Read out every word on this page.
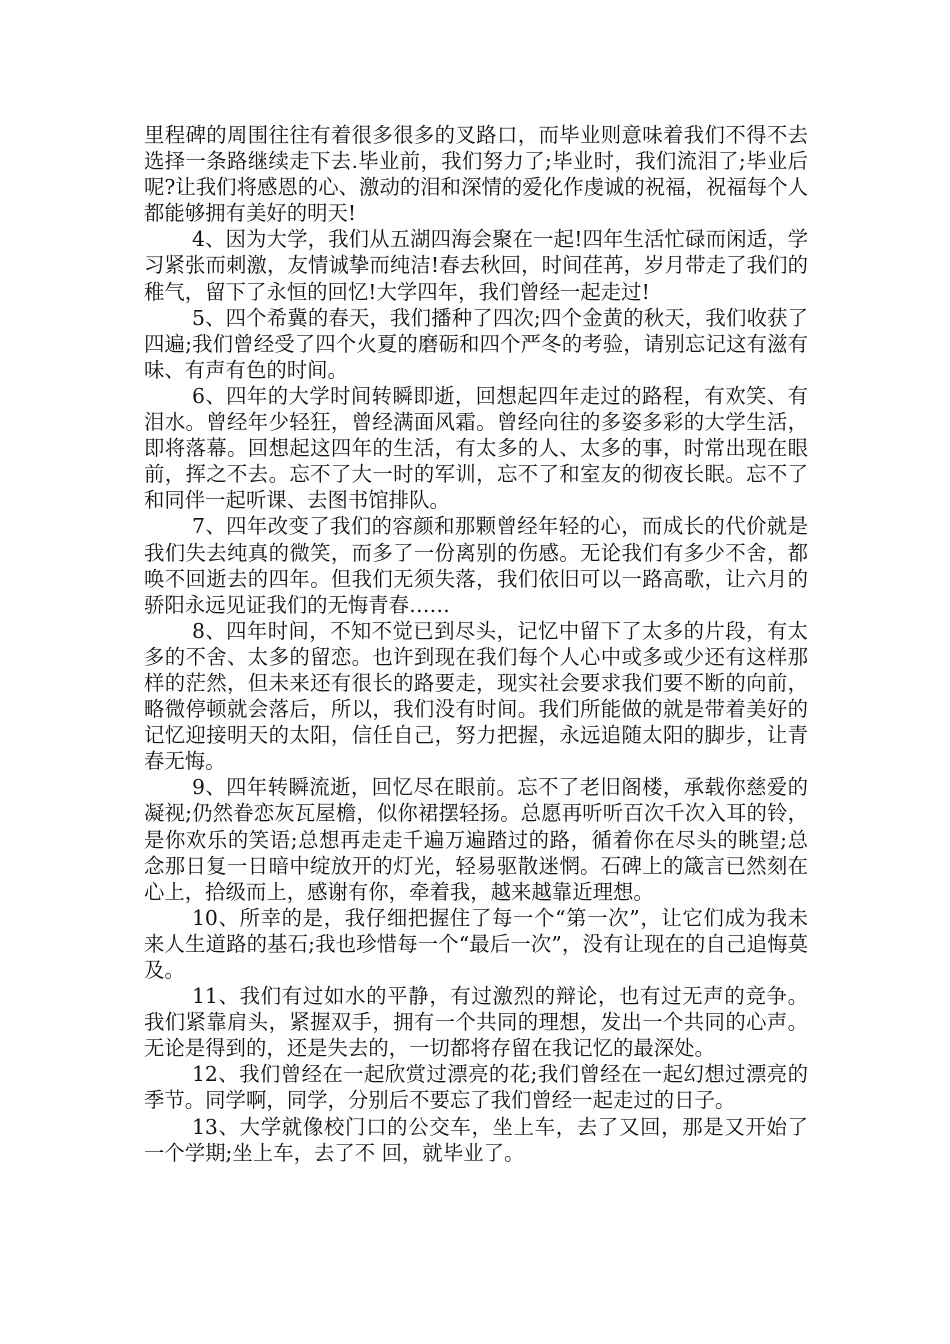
里程碑的周围往往有着很多很多的叉路口，而毕业则意味着我们不得不去选择一条路继续走下去.毕业前，我们努力了;毕业时，我们流泪了;毕业后呢?让我们将感恩的心、激动的泪和深情的爱化作虔诚的祝福，祝福每个人都能够拥有美好的明天!

4、因为大学，我们从五湖四海会聚在一起!四年生活忙碌而闲适，学习紧张而刺激，友情诚挚而纯洁!春去秋回，时间荏苒，岁月带走了我们的稚气，留下了永恒的回忆!大学四年，我们曾经一起走过!

5、四个希冀的春天，我们播种了四次;四个金黄的秋天，我们收获了四遍;我们曾经受了四个火夏的磨砺和四个严冬的考验，请别忘记这有滋有味、有声有色的时间。

6、四年的大学时间转瞬即逝，回想起四年走过的路程，有欢笑、有泪水。曾经年少轻狂，曾经满面风霜。曾经向往的多姿多彩的大学生活，即将落幕。回想起这四年的生活，有太多的人、太多的事，时常出现在眼前，挥之不去。忘不了大一时的军训，忘不了和室友的彻夜长眠。忘不了和同伴一起听课、去图书馆排队。

7、四年改变了我们的容颜和那颗曾经年轻的心，而成长的代价就是我们失去纯真的微笑，而多了一份离别的伤感。无论我们有多少不舍，都唤不回逝去的四年。但我们无须失落，我们依旧可以一路高歌，让六月的骄阳永远见证我们的无悔青春……

8、四年时间，不知不觉已到尽头，记忆中留下了太多的片段，有太多的不舍、太多的留恋。也许到现在我们每个人心中或多或少还有这样那样的茫然，但未来还有很长的路要走，现实社会要求我们要不断的向前，略微停顿就会落后，所以，我们没有时间。我们所能做的就是带着美好的记忆迎接明天的太阳，信任自己，努力把握，永远追随太阳的脚步，让青春无悔。

9、四年转瞬流逝，回忆尽在眼前。忘不了老旧阁楼，承载你慈爱的凝视;仍然眷恋灰瓦屋檐，似你裙摆轻扬。总愿再听听百次千次入耳的铃，是你欢乐的笑语;总想再走走千遍万遍踏过的路，循着你在尽头的眺望;总念那日复一日暗中绽放开的灯光，轻易驱散迷惘。石碑上的箴言已然刻在心上，拾级而上，感谢有你，牵着我，越来越靠近理想。

10、所幸的是，我仔细把握住了每一个“第一次”，让它们成为我未来人生道路的基石;我也珍惜每一个“最后一次”，没有让现在的自己追悔莫及。

11、我们有过如水的平静，有过激烈的辩论，也有过无声的竞争。我们紧靠肩头，紧握双手，拥有一个共同的理想，发出一个共同的心声。无论是得到的，还是失去的，一切都将存留在我记忆的最深处。

12、我们曾经在一起欣赏过漂亮的花;我们曾经在一起幻想过漂亮的季节。同学啊，同学，分别后不要忘了我们曾经一起走过的日子。

13、大学就像校门口的公交车，坐上车，去了又回，那是又开始了一个学期;坐上车，去了不 回，就毕业了。
